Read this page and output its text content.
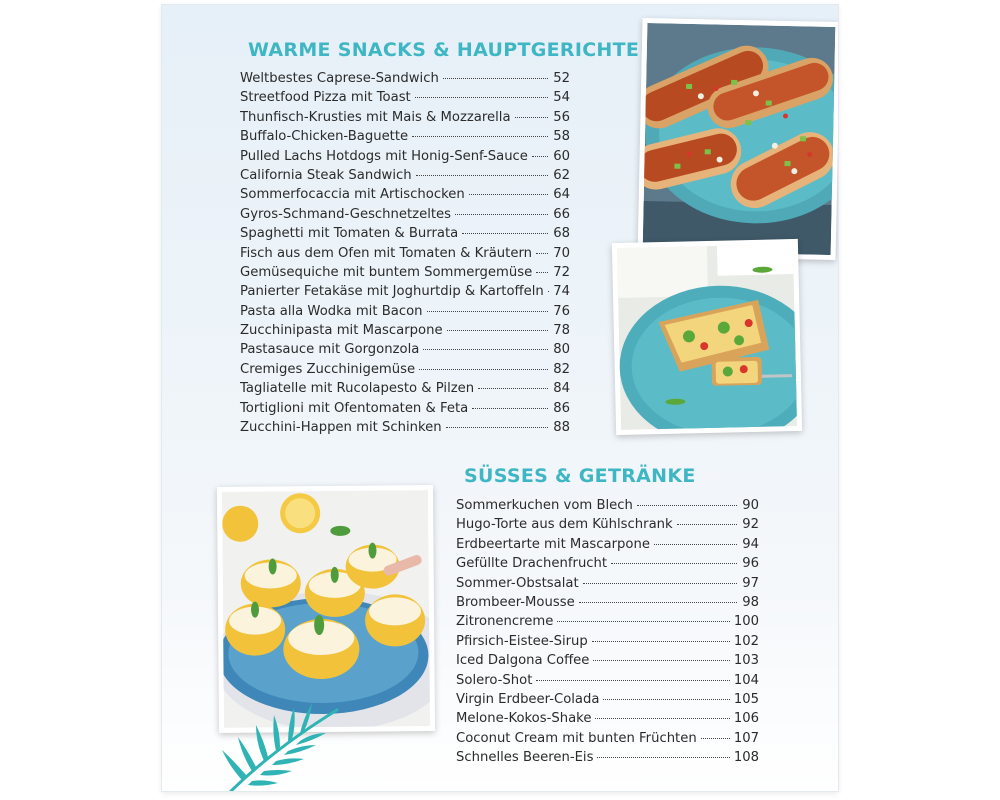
WARME SNACKS & HAUPTGERICHTE
Weltbestes Caprese-Sandwich	52
Streetfood Pizza mit Toast	54
Thunfisch-Krusties mit Mais & Mozzarella	56
Buffalo-Chicken-Baguette	58
Pulled Lachs Hotdogs mit Honig-Senf-Sauce 60
California Steak Sandwich	62
Sommerfocaccia mit Artischocken	64
Gyros-Schmand-Geschnetzeltes	66
Spaghetti mit Tomaten & Burrata	68
Fisch aus dem Ofen mit Tomaten & Kräutern 70
Gemüsequiche mit buntem Sommergemüse 72
Panierter Fetakäse mit Joghurtdip & Kartoffeln 74
Pasta alla Wodka mit Bacon	76
Zucchinipasta mit Mascarpone	78
Pastasauce mit Gorgonzola	80
Cremiges Zucchinigemüse	82
Tagliatelle mit Rucolapesto & Pilzen	84
Tortiglioni mit Ofentomaten & Feta	86
Zucchini-Happen mit Schinken	88
SÜSSES & GETRÄNKE
Sommerkuchen vom Blech	90
Hugo-Torte aus dem Kühlschrank	92
Erdbeertarte mit Mascarpone	94
Gefüllte Drachenfrucht	96
Sommer-Obstsalat	97
Brombeer-Mousse	98
Zitronencreme	100
Pfirsich-Eistee-Sirup	102
Iced Dalgona Coffee	103
Solero-Shot	104
Virgin Erdbeer-Colada	105
Melone-Kokos-Shake	106
Coconut Cream mit bunten Früchten	107
Schnelles Beeren-Eis	108
